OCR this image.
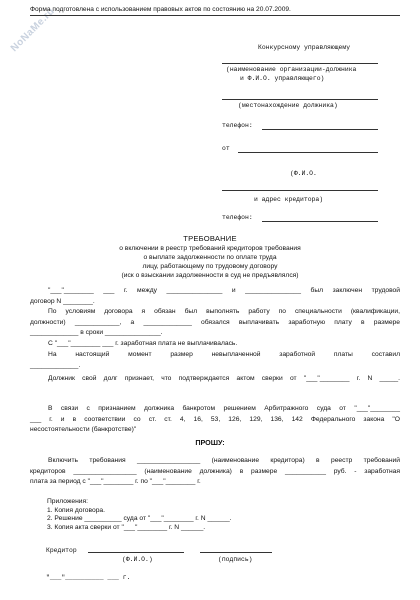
NoNaMe.ru
Форма подготовлена с использованием правовых актов по состоянию на 20.07.2009.
Конкурсному управляющему
(наименование организации-должника
и Ф.И.О. управляющего)
(местонахождение должника)
телефон:
от
(Ф.И.О.
и адрес кредитора)
телефон:
ТРЕБОВАНИЕ
о включении в реестр требований кредиторов требования
о выплате задолженности по оплате труда
лицу, работающему по трудовому договору
(иск о взыскании задолженности в суд не предъявлялся)
"___"________ ___ г. между _______________ и _______________ был заключен трудовой
договор N ________.
По условиям договора я обязан был выполнять работу по специальности (квалификации,
должности) ____________, а _____________ обязался выплачивать заработную плату в размере
_____________ в сроки _______________.
С "___"________ ___ г. заработная плата не выплачивалась.
На настоящий момент размер невыплаченной заработной платы составил
_____________.
Должник свой долг признает, что подтверждается актом сверки от "___"________ г. N _____.
В связи с признанием должника банкротом решением Арбитражного суда от "___"________
___ г. и в соответствии со ст. ст. 4, 16, 53, 126, 129, 136, 142 Федерального закона "О
несостоятельности (банкротстве)"
ПРОШУ:
Включить требования _________________ (наименование кредитора) в реестр требований
кредиторов _________________ (наименование должника) в размере ___________ руб. - заработная
плата за период с "___"________ г. по "___"________ г.
Приложения:
1. Копия договора.
2. Решение __________ суда от "___"________ г. N ______.
3. Копия акта сверки от "___"________ г. N ______.
Кредитор
(Ф.И.О.)	(подпись)
"___"__________ ___ г.
